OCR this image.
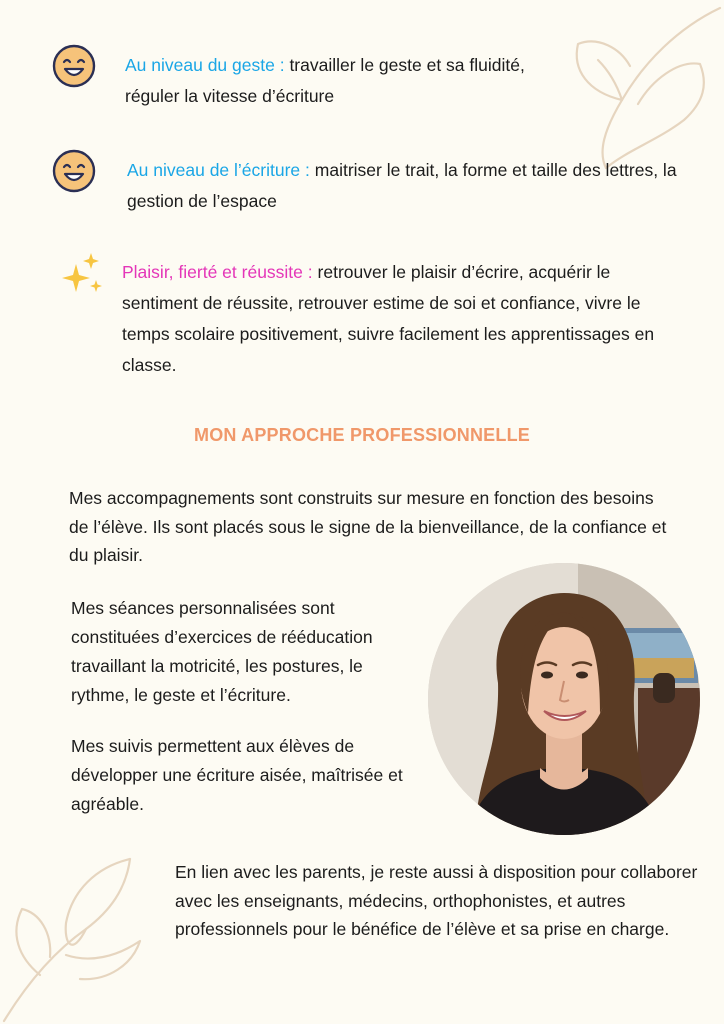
Au niveau du geste : travailler le geste et sa fluidité, réguler la vitesse d’écriture
Au niveau de l’écriture : maitriser le trait, la forme et taille des lettres, la gestion de l’espace
Plaisir, fierté et réussite : retrouver le plaisir d’écrire, acquérir le sentiment de réussite, retrouver estime de soi et confiance, vivre le temps scolaire positivement, suivre facilement les apprentissages en classe.
MON APPROCHE PROFESSIONNELLE

Mes accompagnements sont construits sur mesure en fonction des besoins de l’élève. Ils sont placés sous le signe de la bienveillance, de la confiance et du plaisir.

Mes séances personnalisées sont constituées d’exercices de rééducation travaillant la motricité, les postures, le rythme, le geste et l’écriture.

Mes suivis permettent aux élèves de développer une écriture aisée, maîtrisée et agréable.

En lien avec les parents, je reste aussi à disposition pour collaborer avec les enseignants, médecins, orthophonistes, et autres professionnels pour le bénéfice de l’élève et sa prise en charge.
